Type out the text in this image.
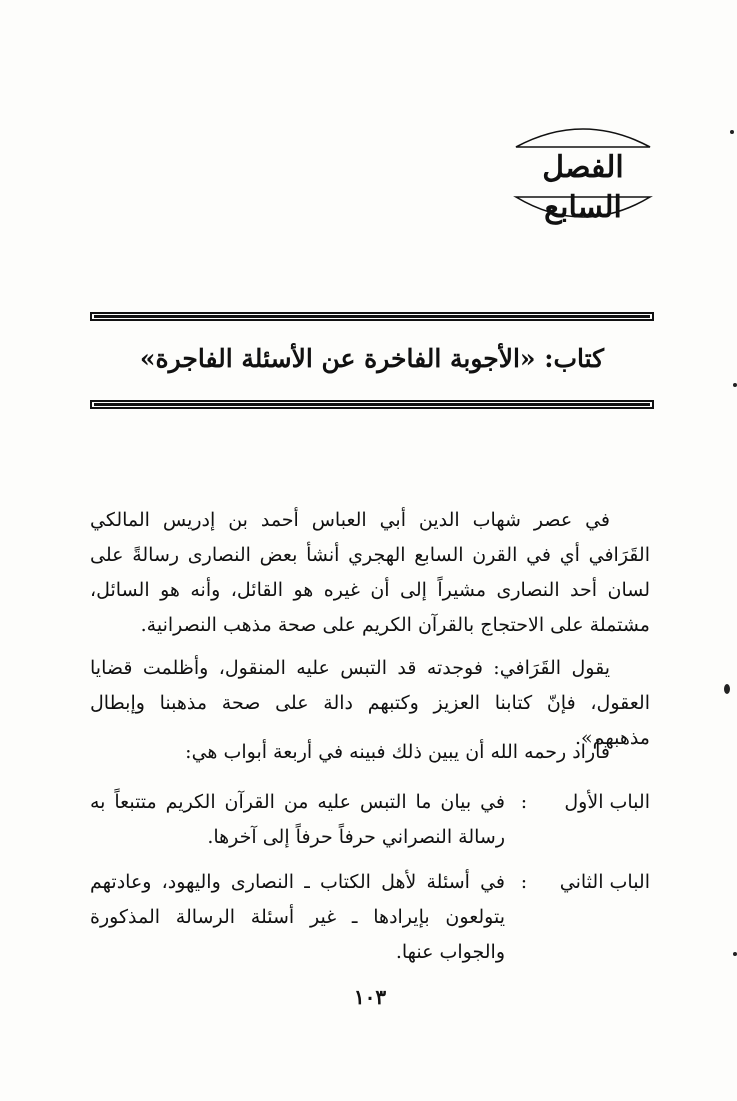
الفصل السابع
كتاب: «الأجوبة الفاخرة عن الأسئلة الفاجرة»
في عصر شهاب الدين أبي العباس أحمد بن إدريس المالكي القَرَافي أي في القرن السابع الهجري أنشأ بعض النصارى رسالةً على لسان أحد النصارى مشيراً إلى أن غيره هو القائل، وأنه هو السائل، مشتملة على الاحتجاج بالقرآن الكريم على صحة مذهب النصرانية.
يقول القَرَافي: فوجدته قد التبس عليه المنقول، وأظلمت قضايا العقول، فإنّ كتابنا العزيز وكتبهم دالة على صحة مذهبنا وإبطال مذهبهم».
فأراد رحمه الله أن يبين ذلك فبينه في أربعة أبواب هي:
الباب الأول
:
في بيان ما التبس عليه من القرآن الكريم متتبعاً به رسالة النصراني حرفاً حرفاً إلى آخرها.
الباب الثاني
:
في أسئلة لأهل الكتاب ـ النصارى واليهود، وعادتهم يتولعون بإيرادها ـ غير أسئلة الرسالة المذكورة والجواب عنها.
١٠٣
